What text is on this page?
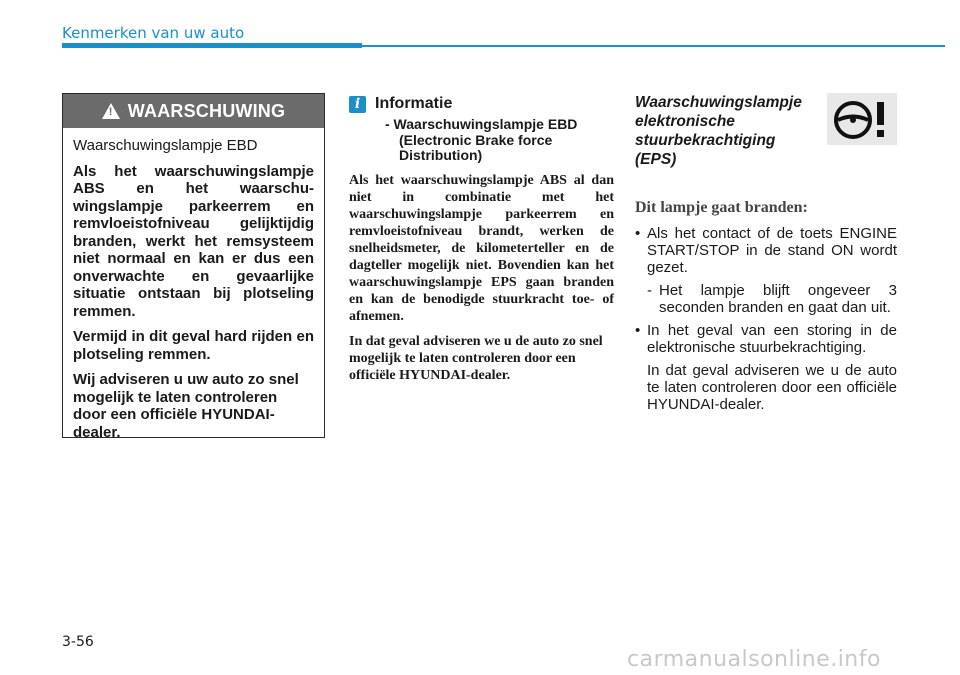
Kenmerken van uw auto
! WAARSCHUWING

Waarschuwingslampje EBD

Als het waarschuwingslampje ABS en het waarschu-wingslampje parkeerrem en remvloeistofniveau gelijktijdig branden, werkt het remsysteem niet normaal en kan er dus een onverwachte en gevaarlijke situatie ontstaan bij plotseling remmen.

Vermijd in dit geval hard rijden en plotseling remmen.

Wij adviseren u uw auto zo snel mogelijk te laten controleren door een officiële HYUNDAI-dealer.

i Informatie
- Waarschuwingslampje EBD
(Electronic Brake force
Distribution)

Als het waarschuwingslampje ABS al dan niet in combinatie met het waarschuwingslampje parkeerrem en remvloeistofniveau brandt, werken de snelheidsmeter, de kilometerteller en de dagteller mogelijk niet. Bovendien kan het waarschuwingslampje EPS gaan branden en kan de benodigde stuurkracht toe- of afnemen.

In dat geval adviseren we u de auto zo snel mogelijk te laten controleren door een officiële HYUNDAI-dealer.

Waarschuwingslampje elektronische stuurbekrachtiging (EPS)
Dit lampje gaat branden:
• Als het contact of de toets ENGINE START/STOP in de stand ON wordt gezet.
- Het lampje blijft ongeveer 3 seconden branden en gaat dan uit.
• In het geval van een storing in de elektronische stuurbekrachtiging.
In dat geval adviseren we u de auto te laten controleren door een officiële HYUNDAI-dealer.
3-56
carmanualsonline.info
